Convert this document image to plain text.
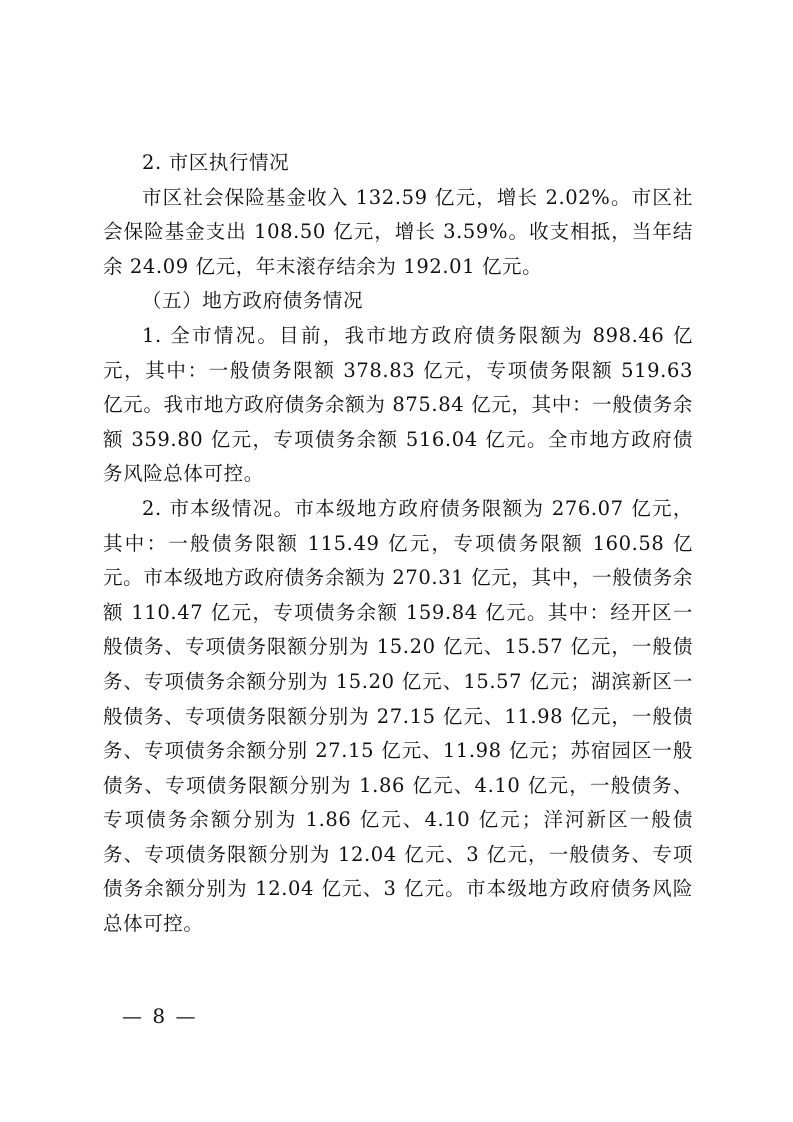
2. 市区执行情况

市区社会保险基金收入 132.59 亿元，增长 2.02%。市区社会保险基金支出 108.50 亿元，增长 3.59%。收支相抵，当年结余 24.09 亿元，年末滚存结余为 192.01 亿元。

（五）地方政府债务情况

1. 全市情况。目前，我市地方政府债务限额为 898.46 亿元，其中：一般债务限额 378.83 亿元，专项债务限额 519.63 亿元。我市地方政府债务余额为 875.84 亿元，其中：一般债务余额 359.80 亿元，专项债务余额 516.04 亿元。全市地方政府债务风险总体可控。

2. 市本级情况。市本级地方政府债务限额为 276.07 亿元，其中：一般债务限额 115.49 亿元，专项债务限额 160.58 亿元。市本级地方政府债务余额为 270.31 亿元，其中，一般债务余额 110.47 亿元，专项债务余额 159.84 亿元。其中：经开区一般债务、专项债务限额分别为 15.20 亿元、15.57 亿元，一般债务、专项债务余额分别为 15.20 亿元、15.57 亿元；湖滨新区一般债务、专项债务限额分别为 27.15 亿元、11.98 亿元，一般债务、专项债务余额分别 27.15 亿元、11.98 亿元；苏宿园区一般债务、专项债务限额分别为 1.86 亿元、4.10 亿元，一般债务、专项债务余额分别为 1.86 亿元、4.10 亿元；洋河新区一般债务、专项债务限额分别为 12.04 亿元、3 亿元，一般债务、专项债务余额分别为 12.04 亿元、3 亿元。市本级地方政府债务风险总体可控。

— 8 —
